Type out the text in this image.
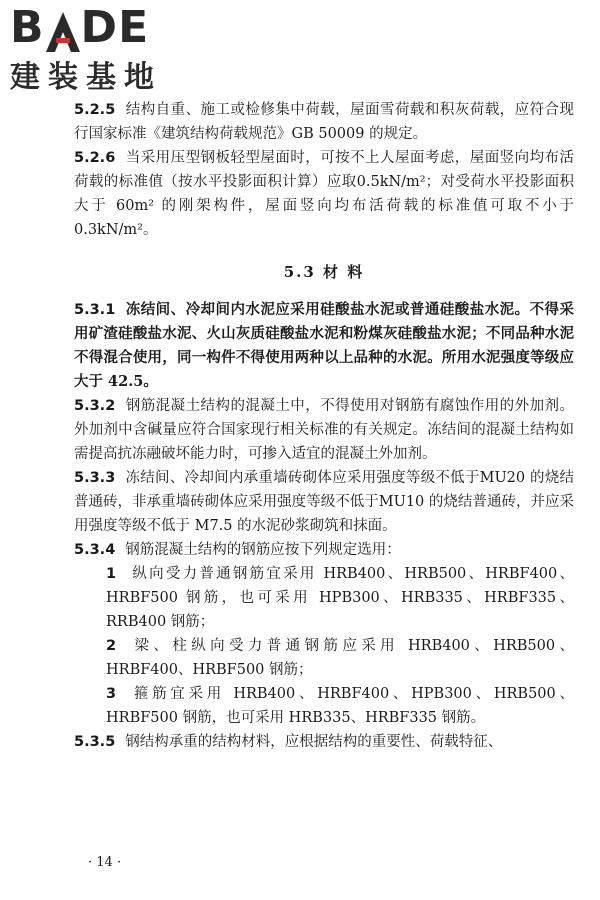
B DE
建装基地

5.2.5 结构自重、施工或检修集中荷载，屋面雪荷载和积灰荷载，应符合现行国家标准《建筑结构荷载规范》GB 50009 的规定。

5.2.6 当采用压型钢板轻型屋面时，可按不上人屋面考虑，屋面竖向均布活荷载的标准值（按水平投影面积计算）应取0.5kN/m²；对受荷水平投影面积大于 60m² 的刚架构件，屋面竖向均布活荷载的标准值可取不小于 0.3kN/m²。

5.3 材 料

5.3.1 冻结间、冷却间内水泥应采用硅酸盐水泥或普通硅酸盐水泥。不得采用矿渣硅酸盐水泥、火山灰质硅酸盐水泥和粉煤灰硅酸盐水泥；不同品种水泥不得混合使用，同一构件不得使用两种以上品种的水泥。所用水泥强度等级应大于 42.5。

5.3.2 钢筋混凝土结构的混凝土中，不得使用对钢筋有腐蚀作用的外加剂。外加剂中含碱量应符合国家现行相关标准的有关规定。冻结间的混凝土结构如需提高抗冻融破坏能力时，可掺入适宜的混凝土外加剂。

5.3.3 冻结间、冷却间内承重墙砖砌体应采用强度等级不低于MU20 的烧结普通砖，非承重墙砖砌体应采用强度等级不低于MU10 的烧结普通砖，并应采用强度等级不低于 M7.5 的水泥砂浆砌筑和抹面。

5.3.4 钢筋混凝土结构的钢筋应按下列规定选用：

1 纵向受力普通钢筋宜采用 HRB400、HRB500、HRBF400、HRBF500 钢筋，也可采用 HPB300、HRB335、HRBF335、RRB400 钢筋；

2 梁、柱纵向受力普通钢筋应采用 HRB400、HRB500、HRBF400、HRBF500 钢筋；

3 箍筋宜采用 HRB400、HRBF400、HPB300、HRB500、HRBF500 钢筋，也可采用 HRB335、HRBF335 钢筋。

5.3.5 钢结构承重的结构材料，应根据结构的重要性、荷载特征、

· 14 ·
